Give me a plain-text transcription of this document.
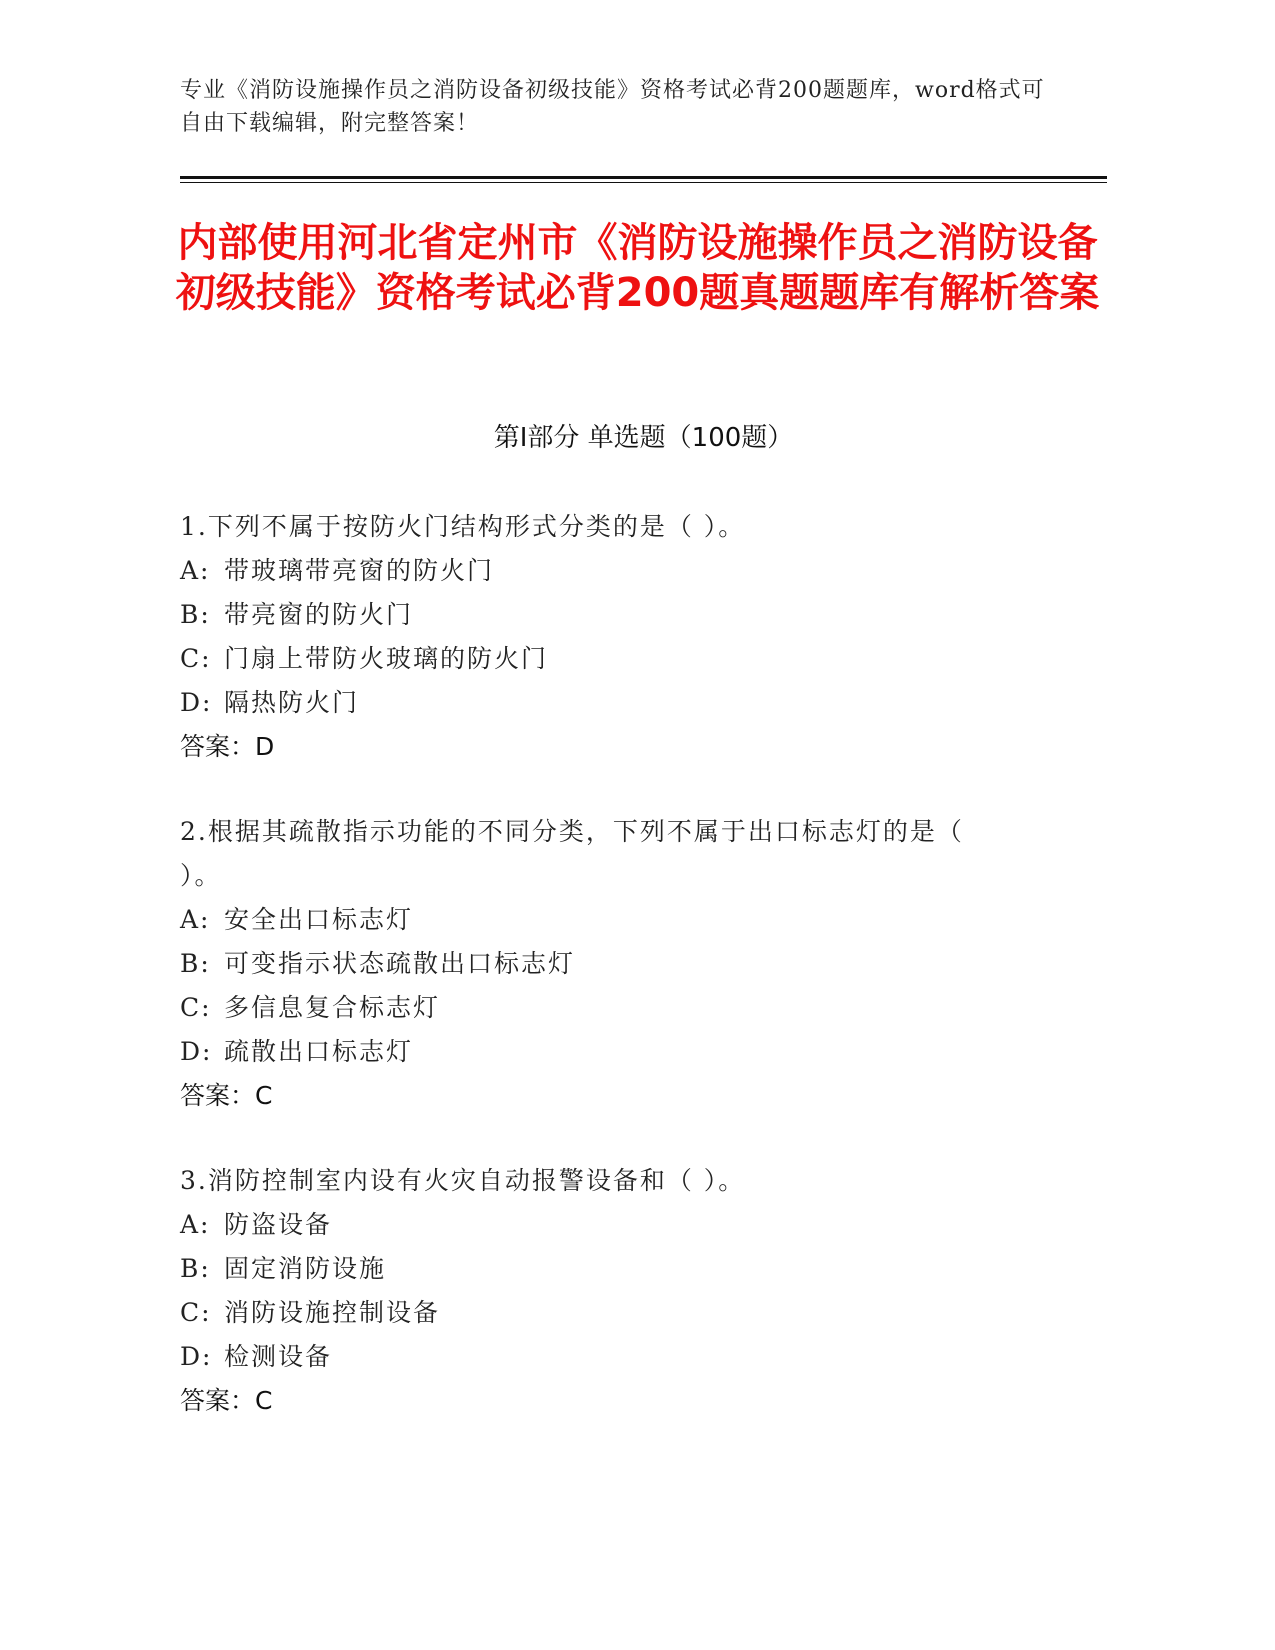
专业《消防设施操作员之消防设备初级技能》资格考试必背200题题库，word格式可自由下载编辑，附完整答案！
内部使用河北省定州市《消防设施操作员之消防设备初级技能》资格考试必背200题真题题库有解析答案
第Ⅰ部分 单选题（100题）

1.下列不属于按防火门结构形式分类的是（ ）。

A: 带玻璃带亮窗的防火门

B: 带亮窗的防火门

C: 门扇上带防火玻璃的防火门

D: 隔热防火门

答案：D

2.根据其疏散指示功能的不同分类，下列不属于出口标志灯的是（ ）。

A: 安全出口标志灯

B: 可变指示状态疏散出口标志灯

C: 多信息复合标志灯

D: 疏散出口标志灯

答案：C

3.消防控制室内设有火灾自动报警设备和（ ）。

A: 防盗设备

B: 固定消防设施

C: 消防设施控制设备

D: 检测设备

答案：C
